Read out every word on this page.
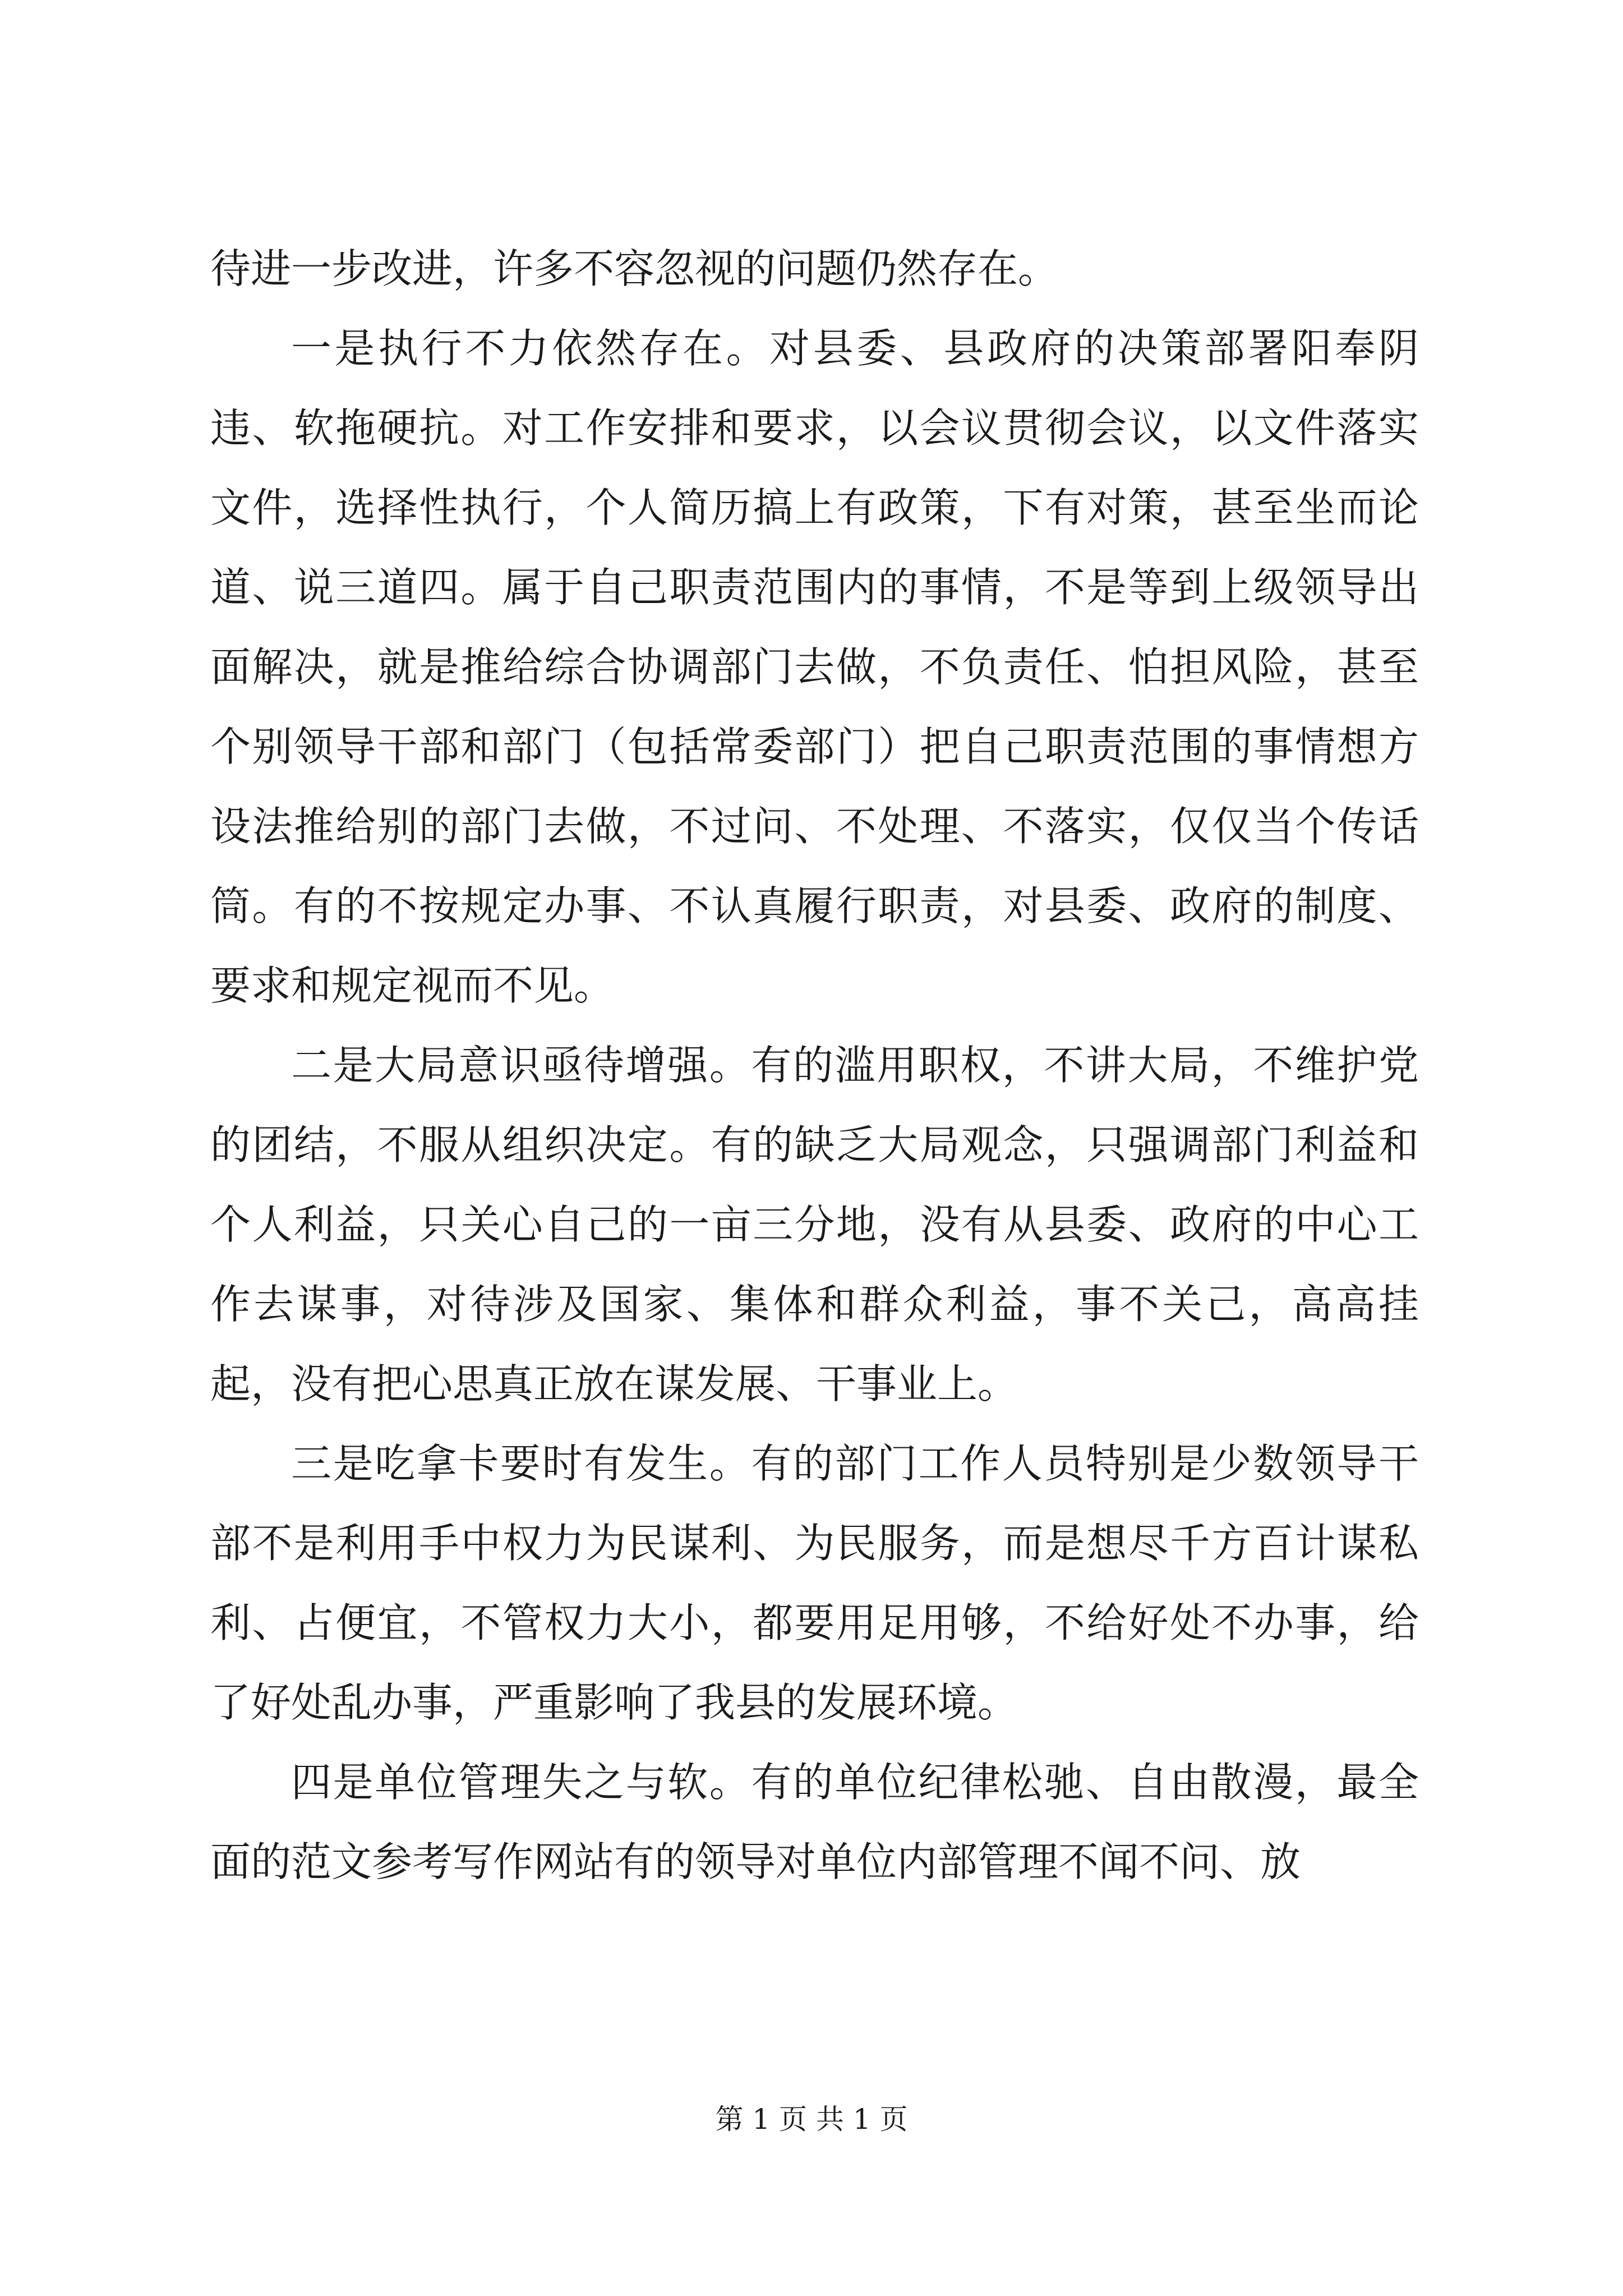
待进一步改进，许多不容忽视的问题仍然存在。

一是执行不力依然存在。对县委、县政府的决策部署阳奉阴违、软拖硬抗。对工作安排和要求，以会议贯彻会议，以文件落实文件，选择性执行，个人简历搞上有政策，下有对策，甚至坐而论道、说三道四。属于自己职责范围内的事情，不是等到上级领导出面解决，就是推给综合协调部门去做，不负责任、怕担风险，甚至个别领导干部和部门（包括常委部门）把自己职责范围的事情想方设法推给别的部门去做，不过问、不处理、不落实，仅仅当个传话筒。有的不按规定办事、不认真履行职责，对县委、政府的制度、要求和规定视而不见。

二是大局意识亟待增强。有的滥用职权，不讲大局，不维护党的团结，不服从组织决定。有的缺乏大局观念，只强调部门利益和个人利益，只关心自己的一亩三分地，没有从县委、政府的中心工作去谋事，对待涉及国家、集体和群众利益，事不关己，高高挂起，没有把心思真正放在谋发展、干事业上。

三是吃拿卡要时有发生。有的部门工作人员特别是少数领导干部不是利用手中权力为民谋利、为民服务，而是想尽千方百计谋私利、占便宜，不管权力大小，都要用足用够，不给好处不办事，给了好处乱办事，严重影响了我县的发展环境。

四是单位管理失之与软。有的单位纪律松驰、自由散漫，最全面的范文参考写作网站有的领导对单位内部管理不闻不问、放

第 1 页 共 1 页
